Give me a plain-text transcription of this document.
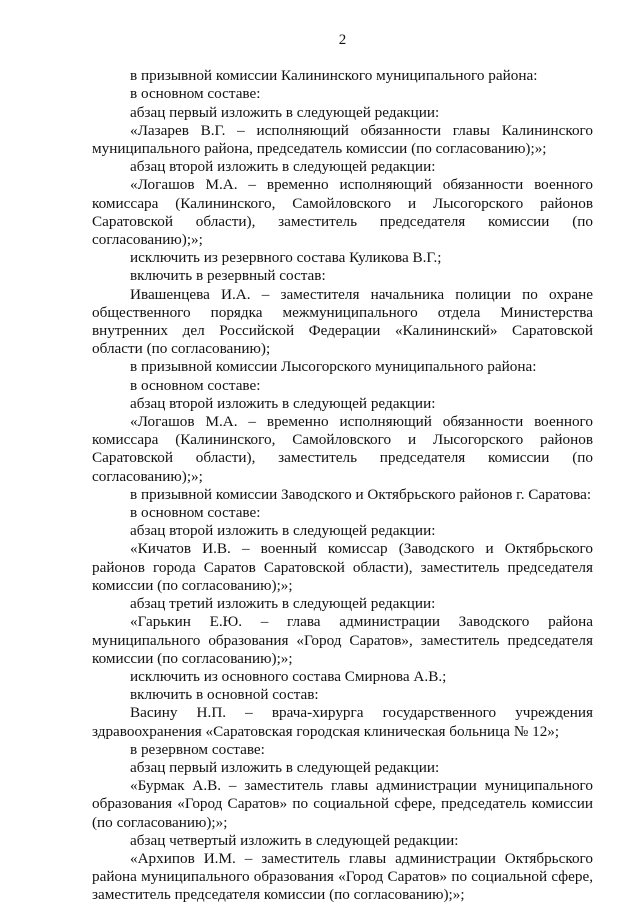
2

в призывной комиссии Калининского муниципального района:

в основном составе:

абзац первый изложить в следующей редакции:

«Лазарев В.Г. – исполняющий обязанности главы Калининского муниципального района, председатель комиссии (по согласованию);»;

абзац второй изложить в следующей редакции:

«Логашов М.А. – временно исполняющий обязанности военного комиссара (Калининского, Самойловского и Лысогорского районов Саратовской области), заместитель председателя комиссии (по согласованию);»;

исключить из резервного состава Куликова В.Г.;

включить в резервный состав:

Ивашенцева И.А. – заместителя начальника полиции по охране общественного порядка межмуниципального отдела Министерства внутренних дел Российской Федерации «Калининский» Саратовской области (по согласованию);

в призывной комиссии Лысогорского муниципального района:

в основном составе:

абзац второй изложить в следующей редакции:

«Логашов М.А. – временно исполняющий обязанности военного комиссара (Калининского, Самойловского и Лысогорского районов Саратовской области), заместитель председателя комиссии (по согласованию);»;

в призывной комиссии Заводского и Октябрьского районов г. Саратова:

в основном составе:

абзац второй изложить в следующей редакции:

«Кичатов И.В. – военный комиссар (Заводского и Октябрьского районов города Саратов Саратовской области), заместитель председателя комиссии (по согласованию);»;

абзац третий изложить в следующей редакции:

«Гарькин Е.Ю. – глава администрации Заводского района муниципального образования «Город Саратов», заместитель председателя комиссии (по согласованию);»;

исключить из основного состава Смирнова А.В.;

включить в основной состав:

Васину Н.П. – врача-хирурга государственного учреждения здравоохранения «Саратовская городская клиническая больница № 12»;

в резервном составе:

абзац первый изложить в следующей редакции:

«Бурмак А.В. – заместитель главы администрации муниципального образования «Город Саратов» по социальной сфере, председатель комиссии (по согласованию);»;

абзац четвертый изложить в следующей редакции:

«Архипов И.М. – заместитель главы администрации Октябрьского района муниципального образования «Город Саратов» по социальной сфере, заместитель председателя комиссии (по согласованию);»;
